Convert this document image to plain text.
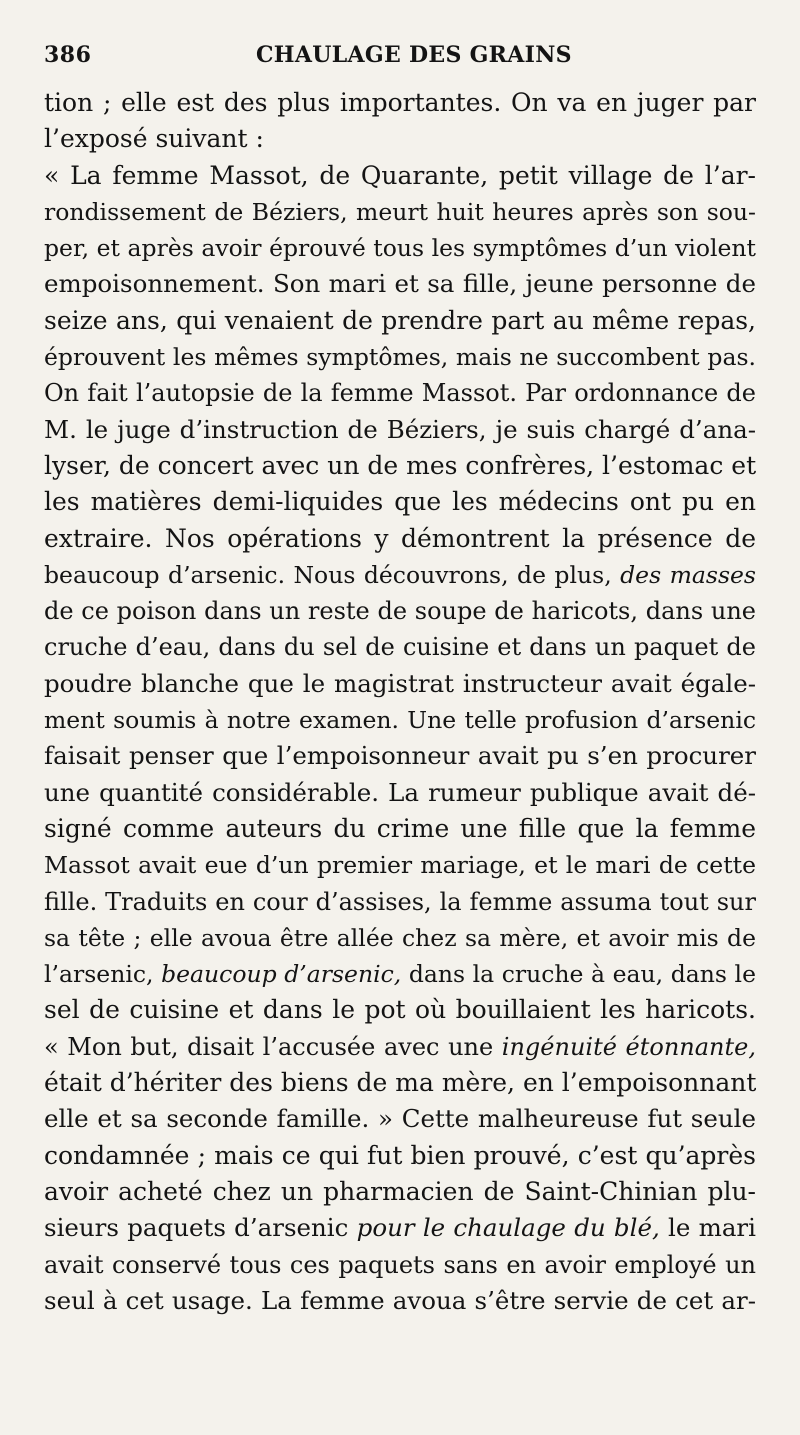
386	CHAULAGE DES GRAINS
tion ; elle est des plus importantes. On va en juger par
l’exposé suivant :
« La femme Massot, de Quarante, petit village de l’ar-
rondissement de Béziers, meurt huit heures après son sou-
per, et après avoir éprouvé tous les symptômes d’un violent
empoisonnement. Son mari et sa fille, jeune personne de
seize ans, qui venaient de prendre part au même repas,
éprouvent les mêmes symptômes, mais ne succombent pas.
On fait l’autopsie de la femme Massot. Par ordonnance de
M. le juge d’instruction de Béziers, je suis chargé d’ana-
lyser, de concert avec un de mes confrères, l’estomac et
les matières demi-liquides que les médecins ont pu en
extraire. Nos opérations y démontrent la présence de
beaucoup d’arsenic. Nous découvrons, de plus, des masses
de ce poison dans un reste de soupe de haricots, dans une
cruche d’eau, dans du sel de cuisine et dans un paquet de
poudre blanche que le magistrat instructeur avait égale-
ment soumis à notre examen. Une telle profusion d’arsenic
faisait penser que l’empoisonneur avait pu s’en procurer
une quantité considérable. La rumeur publique avait dé-
signé comme auteurs du crime une fille que la femme
Massot avait eue d’un premier mariage, et le mari de cette
fille. Traduits en cour d’assises, la femme assuma tout sur
sa tête ; elle avoua être allée chez sa mère, et avoir mis de
l’arsenic, beaucoup d’arsenic, dans la cruche à eau, dans le
sel de cuisine et dans le pot où bouillaient les haricots.
« Mon but, disait l’accusée avec une ingénuité étonnante,
était d’hériter des biens de ma mère, en l’empoisonnant
elle et sa seconde famille. » Cette malheureuse fut seule
condamnée ; mais ce qui fut bien prouvé, c’est qu’après
avoir acheté chez un pharmacien de Saint-Chinian plu-
sieurs paquets d’arsenic pour le chaulage du blé, le mari
avait conservé tous ces paquets sans en avoir employé un
seul à cet usage. La femme avoua s’être servie de cet ar-
